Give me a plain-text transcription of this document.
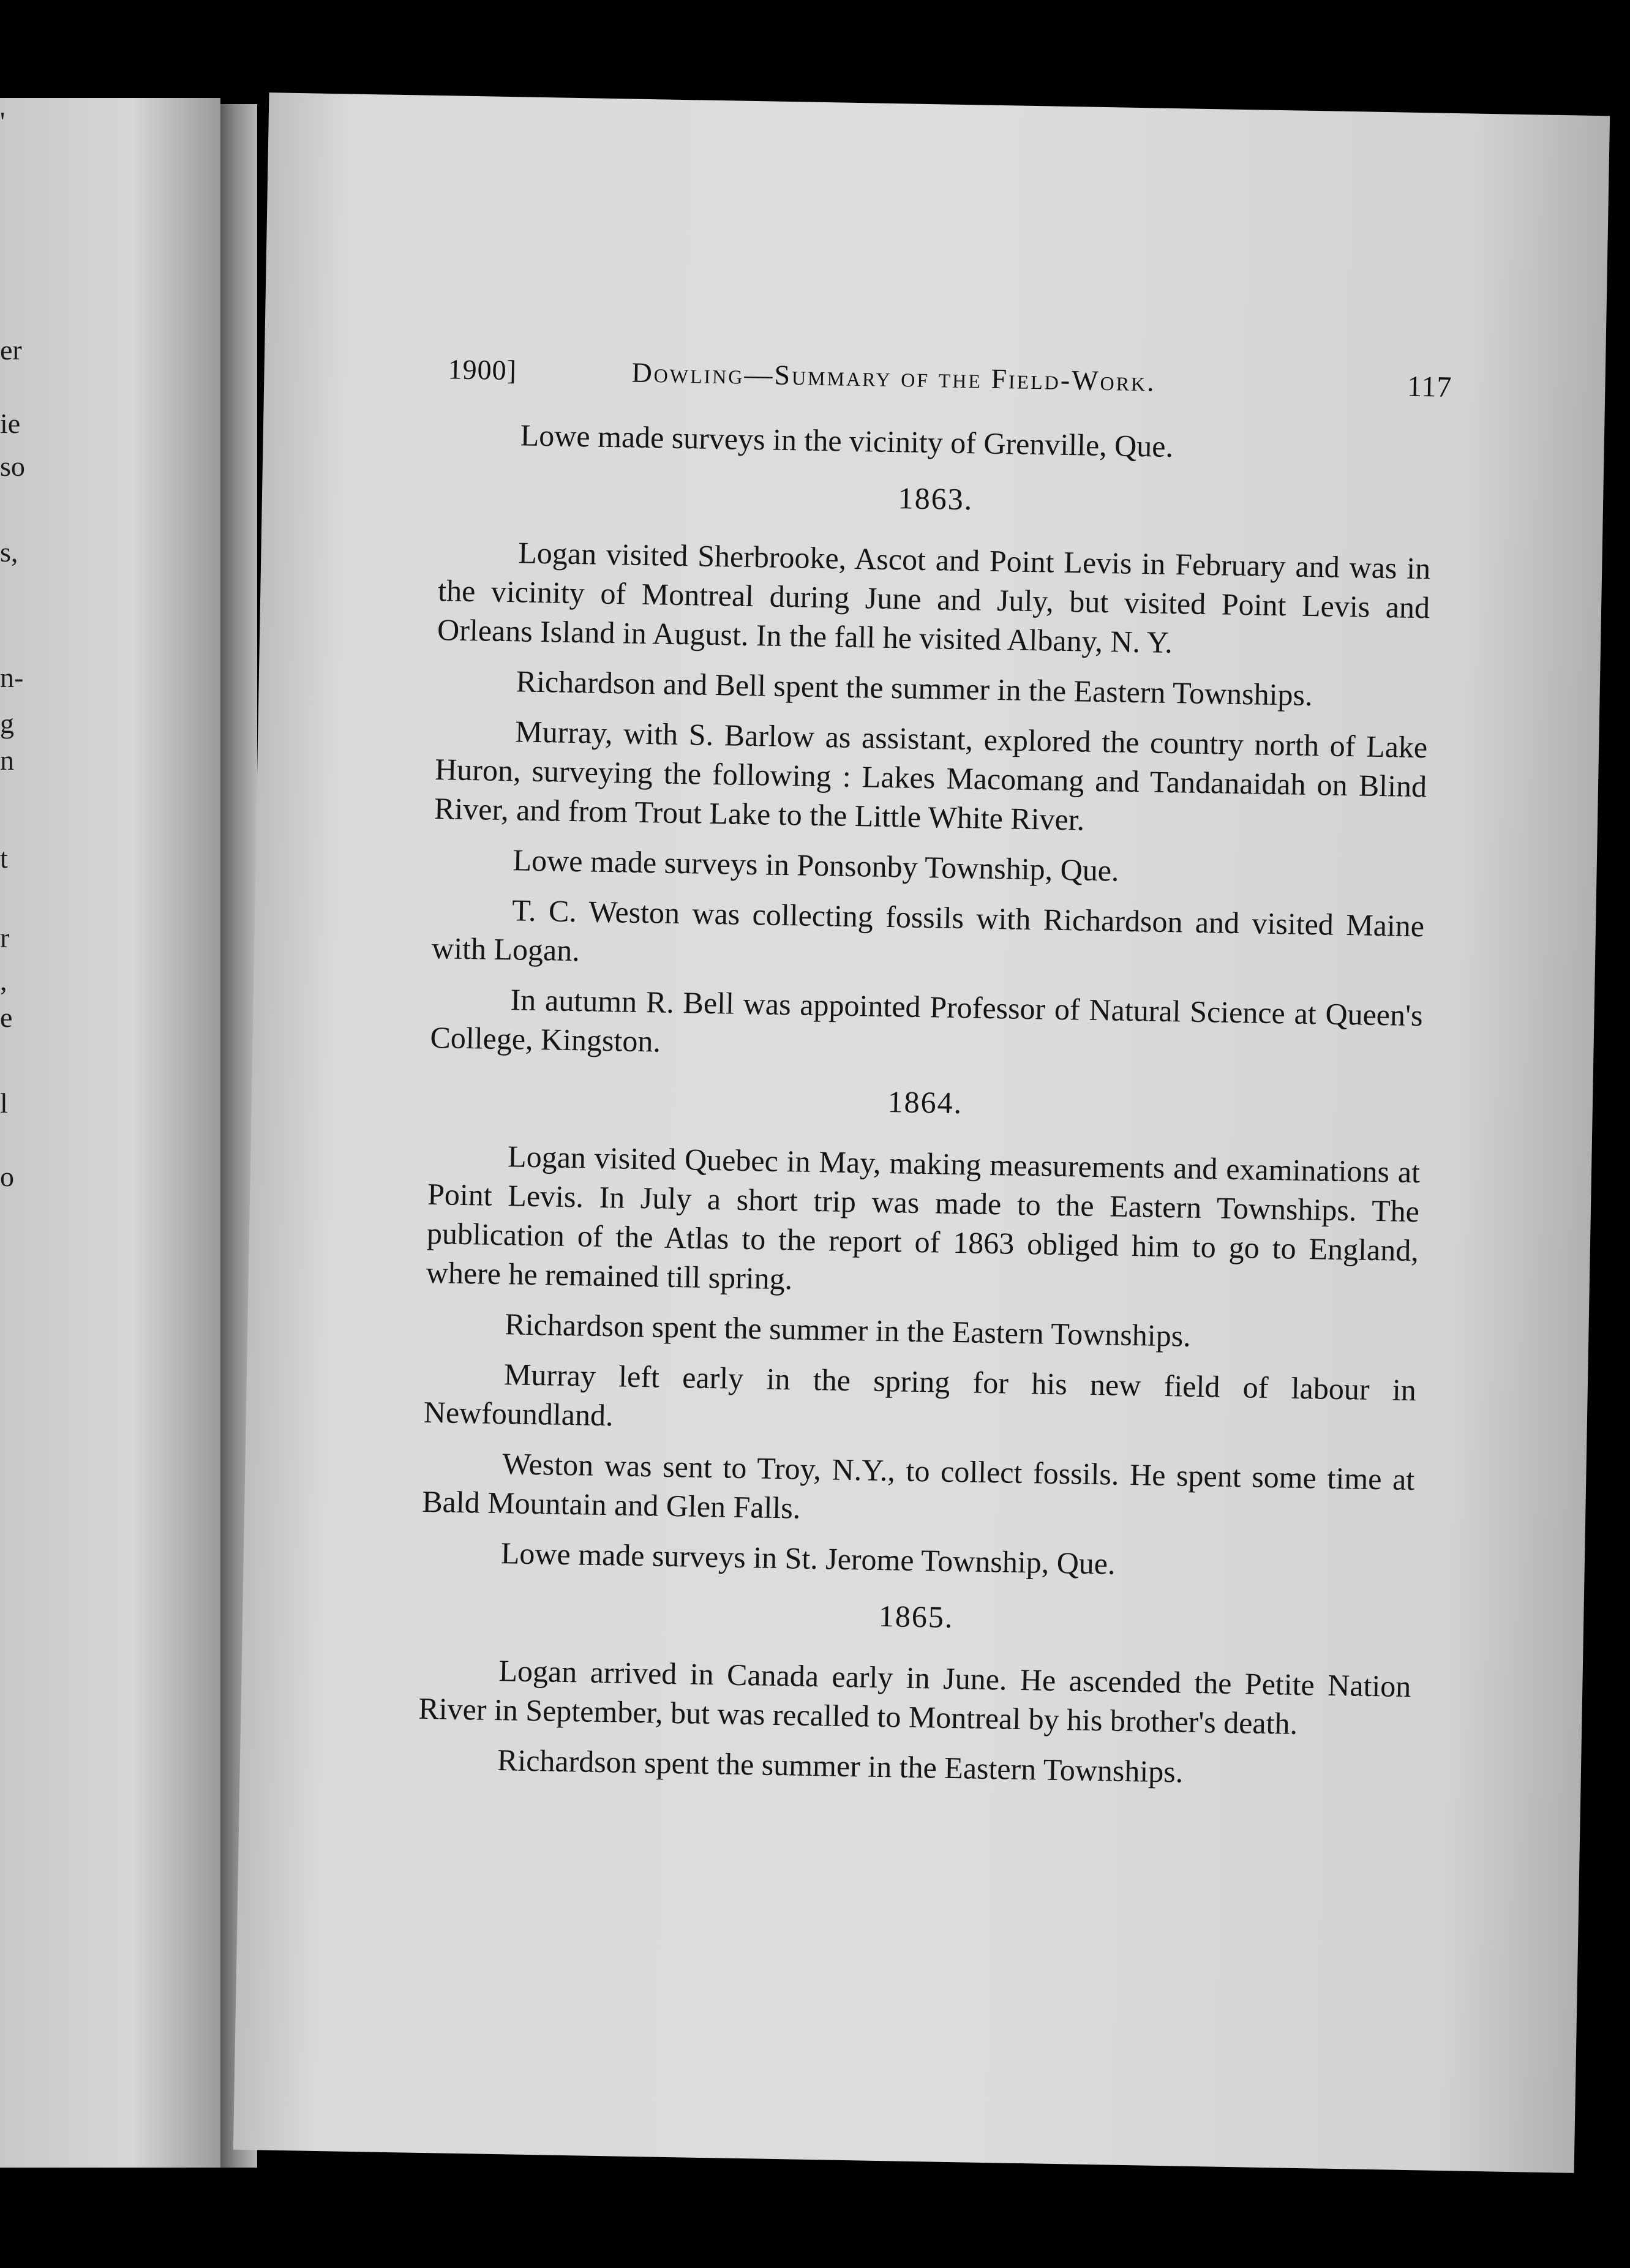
'
er
ie
so
s,
n-
g
n
t
r
,
e
l
o
1900]	Dowling—Summary of the Field-Work.	117

Lowe made surveys in the vicinity of Grenville, Que.

1863.

Logan visited Sherbrooke, Ascot and Point Levis in February and was in the vicinity of Montreal during June and July, but visited Point Levis and Orleans Island in August. In the fall he visited Albany, N. Y.

Richardson and Bell spent the summer in the Eastern Townships.

Murray, with S. Barlow as assistant, explored the country north of Lake Huron, surveying the following : Lakes Macomang and Tandanaidah on Blind River, and from Trout Lake to the Little White River.

Lowe made surveys in Ponsonby Township, Que.

T. C. Weston was collecting fossils with Richardson and visited Maine with Logan.

In autumn R. Bell was appointed Professor of Natural Science at Queen's College, Kingston.

1864.

Logan visited Quebec in May, making measurements and examinations at Point Levis. In July a short trip was made to the Eastern Townships. The publication of the Atlas to the report of 1863 obliged him to go to England, where he remained till spring.

Richardson spent the summer in the Eastern Townships.

Murray left early in the spring for his new field of labour in Newfoundland.

Weston was sent to Troy, N.Y., to collect fossils. He spent some time at Bald Mountain and Glen Falls.

Lowe made surveys in St. Jerome Township, Que.

1865.

Logan arrived in Canada early in June. He ascended the Petite Nation River in September, but was recalled to Montreal by his brother's death.

Richardson spent the summer in the Eastern Townships.
